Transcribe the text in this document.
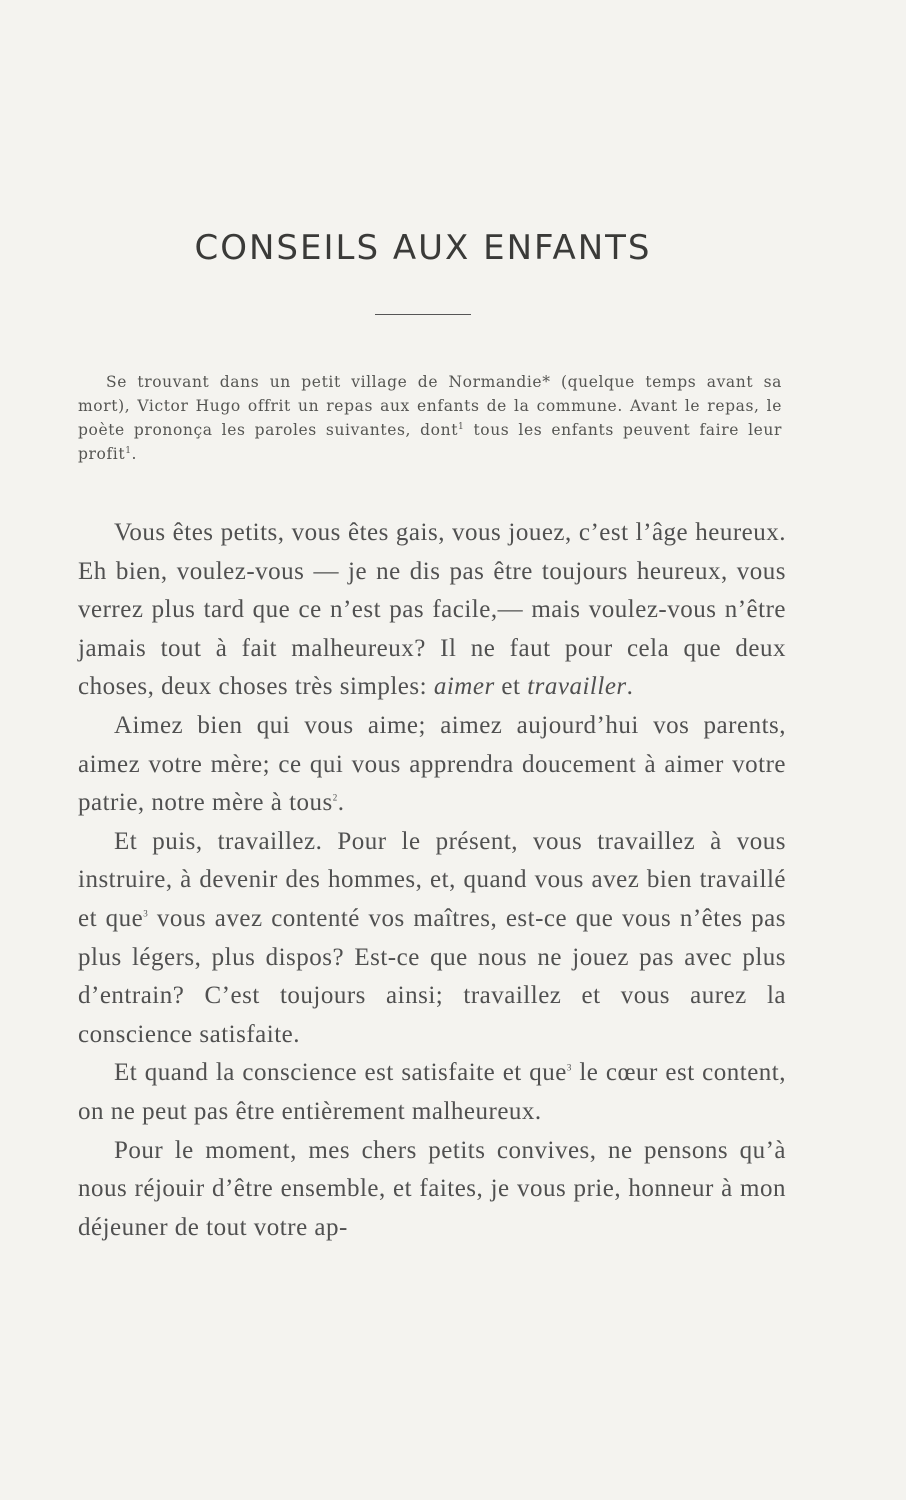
CONSEILS AUX ENFANTS

Se trouvant dans un petit village de Normandie* (quelque temps avant sa mort), Victor Hugo offrit un repas aux enfants de la commune. Avant le repas, le poète prononça les paroles suivantes, dont$^1$ tous les enfants peuvent faire leur profit$^1$.

Vous êtes petits, vous êtes gais, vous jouez, c’est l’âge heureux. Eh bien, voulez-vous — je ne dis pas être toujours heureux, vous verrez plus tard que ce n’est pas facile,— mais voulez-vous n’être jamais tout à fait malheureux? Il ne faut pour cela que deux choses, deux choses très simples: aimer et travailler.

Aimez bien qui vous aime; aimez aujourd’hui vos parents, aimez votre mère; ce qui vous apprendra doucement à aimer votre patrie, notre mère à tous$^2$.

Et puis, travaillez. Pour le présent, vous travaillez à vous instruire, à devenir des hommes, et, quand vous avez bien travaillé et que$^3$ vous avez contenté vos maîtres, est-ce que vous n’êtes pas plus légers, plus dispos? Est-ce que nous ne jouez pas avec plus d’entrain? C’est toujours ainsi; travaillez et vous aurez la conscience satisfaite.

Et quand la conscience est satisfaite et que$^3$ le cœur est content, on ne peut pas être entièrement malheureux.

Pour le moment, mes chers petits convives, ne pensons qu’à nous réjouir d’être ensemble, et faites, je vous prie, honneur à mon déjeuner de tout votre ap-
